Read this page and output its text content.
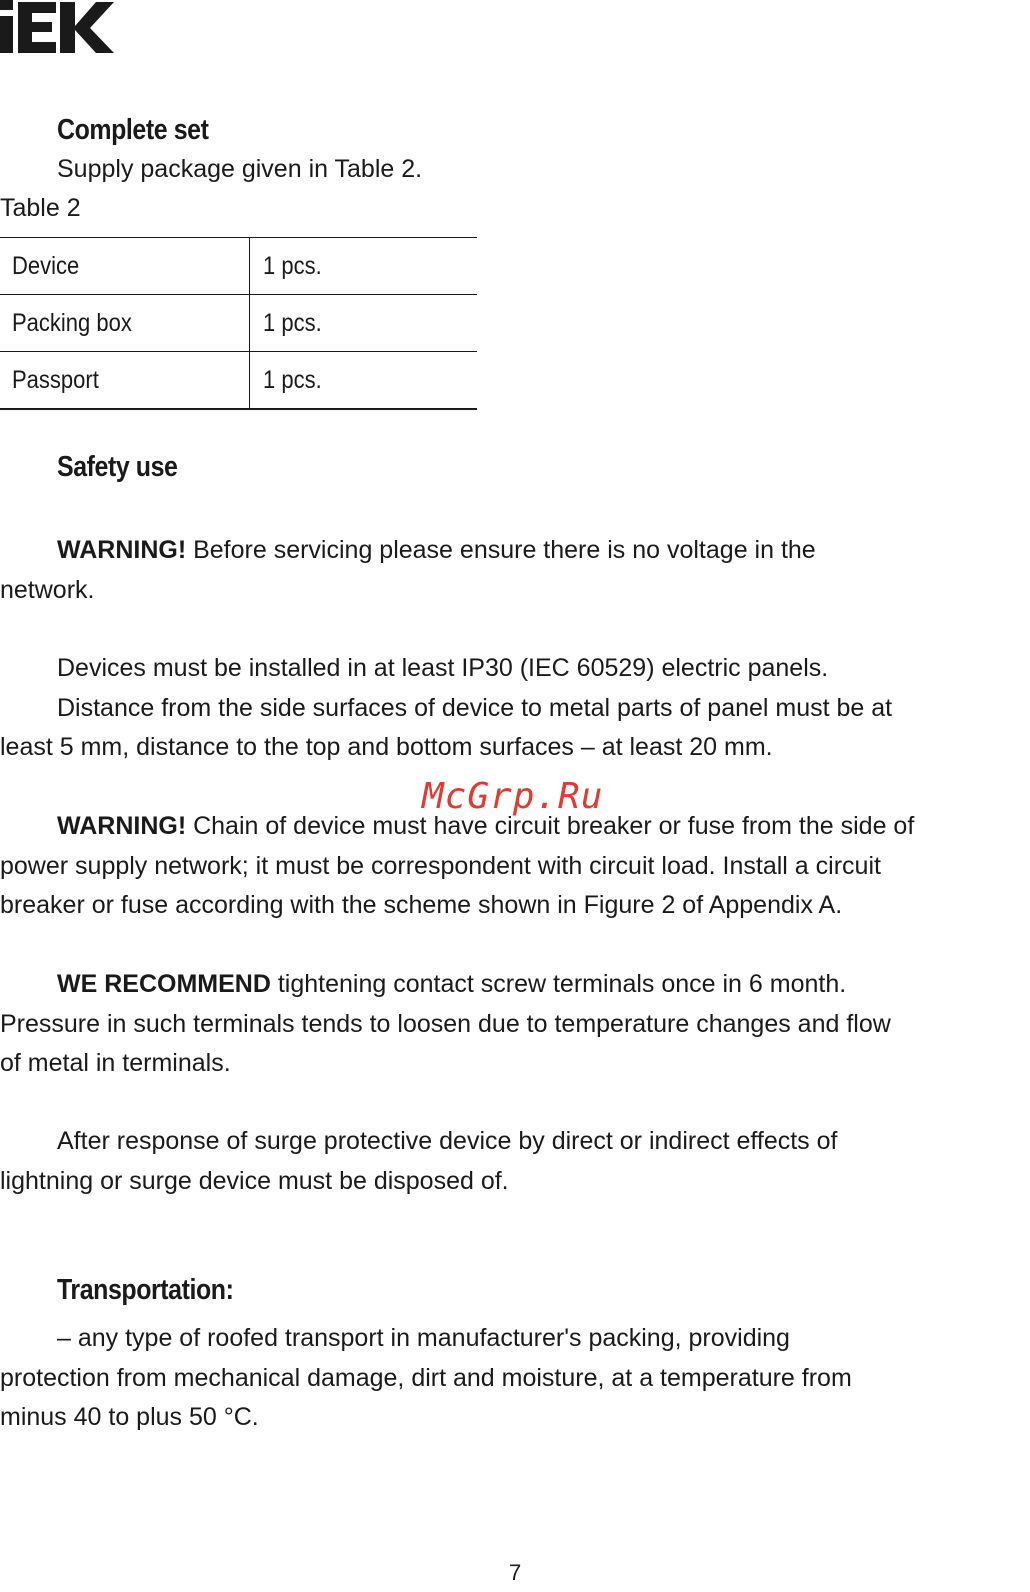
Complete set
Supply package given in Table 2.
Table 2
Device	1 pcs.
Packing box	1 pcs.
Passport	1 pcs.
Safety use
WARNING! Before servicing please ensure there is no voltage in the
network.
Devices must be installed in at least IP30 (IEC 60529) electric panels.
Distance from the side surfaces of device to metal parts of panel must be at
least 5 mm, distance to the top and bottom surfaces – at least 20 mm.
WARNING! Chain of device must have circuit breaker or fuse from the side of
power supply network; it must be correspondent with circuit load. Install a circuit
breaker or fuse according with the scheme shown in Figure 2 of Appendix A.
WE RECOMMEND tightening contact screw terminals once in 6 month.
Pressure in such terminals tends to loosen due to temperature changes and flow
of metal in terminals.
After response of surge protective device by direct or indirect effects of
lightning or surge device must be disposed of.
Transportation:
– any type of roofed transport in manufacturer's packing, providing
protection from mechanical damage, dirt and moisture, at a temperature from
minus 40 to plus 50 °C.
McGrp.Ru
7
